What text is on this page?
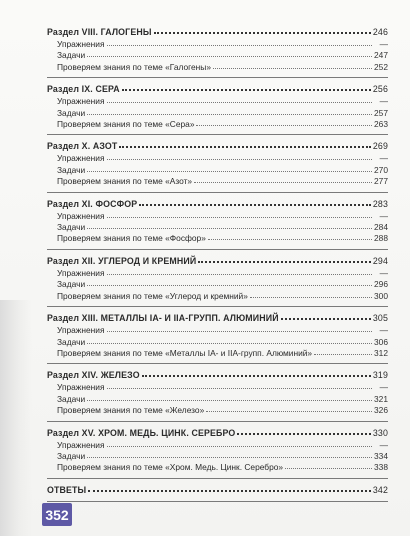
Раздел VIII. ГАЛОГЕНЫ	246
Упражнения	—
Задачи	247
Проверяем знания по теме «Галогены»	252
Раздел IX. СЕРА	256
Упражнения	—
Задачи	257
Проверяем знания по теме «Сера»	263
Раздел X. АЗОТ	269
Упражнения	—
Задачи	270
Проверяем знания по теме «Азот»	277
Раздел XI. ФОСФОР	283
Упражнения	—
Задачи	284
Проверяем знания по теме «Фосфор»	288
Раздел XII. УГЛЕРОД И КРЕМНИЙ	294
Упражнения	—
Задачи	296
Проверяем знания по теме «Углерод и кремний»	300
Раздел XIII. МЕТАЛЛЫ IA- И IIA-ГРУПП. АЛЮМИНИЙ	305
Упражнения	—
Задачи	306
Проверяем знания по теме «Металлы IA- и IIA-групп. Алюминий»	312
Раздел XIV. ЖЕЛЕЗО	319
Упражнения	—
Задачи	321
Проверяем знания по теме «Железо»	326
Раздел XV. ХРОМ. МЕДЬ. ЦИНК. СЕРЕБРО	330
Упражнения	—
Задачи	334
Проверяем знания по теме «Хром. Медь. Цинк. Серебро»	338
ОТВЕТЫ	342
352
